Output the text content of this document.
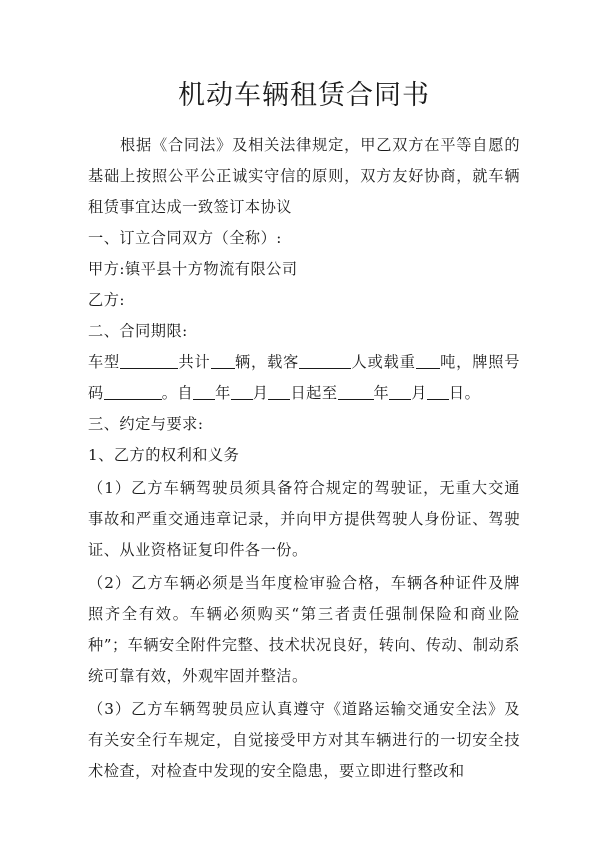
机动车辆租赁合同书

根据《合同法》及相关法律规定，甲乙双方在平等自愿的基础上按照公平公正诚实守信的原则，双方友好协商，就车辆租赁事宜达成一致签订本协议

一、订立合同双方（全称）:

甲方:镇平县十方物流有限公司

乙方:

二、合同期限:

车型	共计 辆，载客	人或载重 吨，牌照号码	。自 年 月 日起至 年 月 日。

三、约定与要求:

1、乙方的权利和义务

（1）乙方车辆驾驶员须具备符合规定的驾驶证，无重大交通事故和严重交通违章记录，并向甲方提供驾驶人身份证、驾驶证、从业资格证复印件各一份。

（2）乙方车辆必须是当年度检审验合格，车辆各种证件及牌照齐全有效。车辆必须购买“第三者责任强制保险和商业险种”；车辆安全附件完整、技术状况良好，转向、传动、制动系统可靠有效，外观牢固并整洁。

（3）乙方车辆驾驶员应认真遵守《道路运输交通安全法》及有关安全行车规定，自觉接受甲方对其车辆进行的一切安全技术检查，对检查中发现的安全隐患，要立即进行整改和
